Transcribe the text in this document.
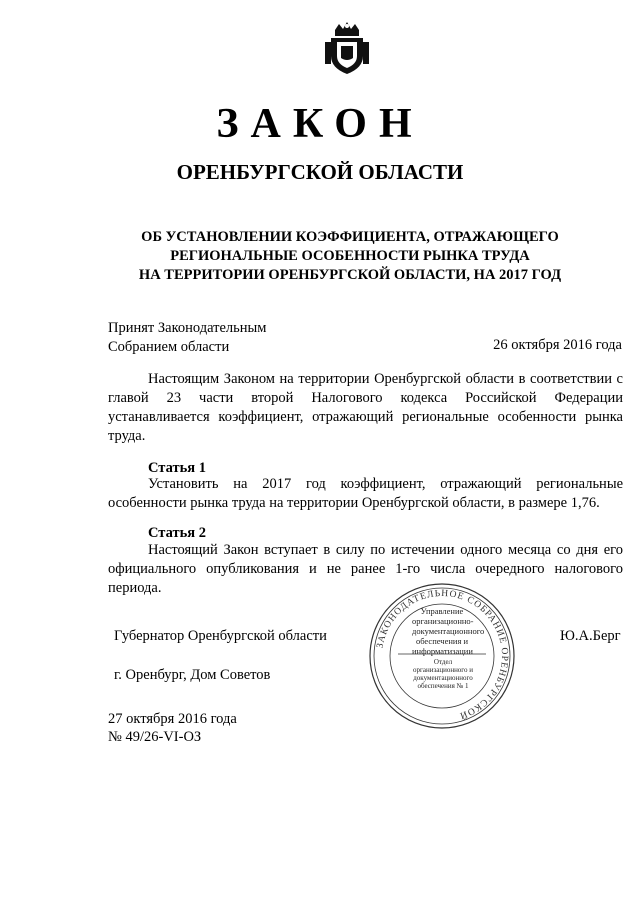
ЗАКОН
ОРЕНБУРГСКОЙ ОБЛАСТИ
ОБ УСТАНОВЛЕНИИ КОЭФФИЦИЕНТА, ОТРАЖАЮЩЕГО
РЕГИОНАЛЬНЫЕ ОСОБЕННОСТИ РЫНКА ТРУДА
НА ТЕРРИТОРИИ ОРЕНБУРГСКОЙ ОБЛАСТИ, НА 2017 ГОД
Принят Законодательным
Собранием области	26 октября 2016 года
Настоящим Законом на территории Оренбургской области в соответствии с главой 23 части второй Налогового кодекса Российской Федерации устанавливается коэффициент, отражающий региональные особенности рынка труда.
Статья 1
Установить на 2017 год коэффициент, отражающий региональные особенности рынка труда на территории Оренбургской области, в размере 1,76.
Статья 2
Настоящий Закон вступает в силу по истечении одного месяца со дня его официального опубликования и не ранее 1-го числа очередного налогового периода.
ЗАКОНОДАТЕЛЬНОЕ СОБРАНИЕ ОРЕНБУРГСКОЙ
Управление организационно-документационного обеспечения и информатизации
Отдел организационного и документационного обеспечения № 1
Губернатор Оренбургской области	Ю.А.Берг
г. Оренбург, Дом Советов
27 октября 2016 года
№ 49/26-VI-ОЗ
